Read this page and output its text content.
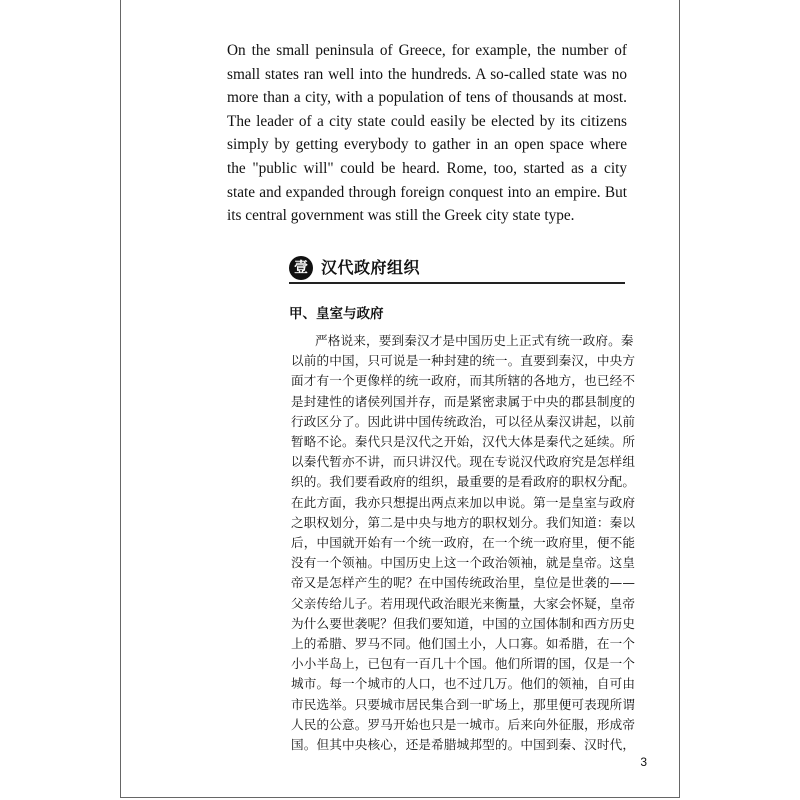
On the small peninsula of Greece, for example, the number of small states ran well into the hundreds. A so-called state was no more than a city, with a population of tens of thousands at most. The leader of a city state could easily be elected by its citizens simply by getting everybody to gather in an open space where the "public will" could be heard. Rome, too, started as a city state and expanded through foreign conquest into an empire. But its central government was still the Greek city state type.

壹 汉代政府组织
甲、皇室与政府
严格说来，要到秦汉才是中国历史上正式有统一政府。秦
以前的中国，只可说是一种封建的统一。直要到秦汉，中央方
面才有一个更像样的统一政府，而其所辖的各地方，也已经不
是封建性的诸侯列国并存，而是紧密隶属于中央的郡县制度的
行政区分了。因此讲中国传统政治，可以径从秦汉讲起，以前
暂略不论。秦代只是汉代之开始，汉代大体是秦代之延续。所
以秦代暂亦不讲，而只讲汉代。现在专说汉代政府究是怎样组
织的。我们要看政府的组织，最重要的是看政府的职权分配。
在此方面，我亦只想提出两点来加以申说。第一是皇室与政府
之职权划分，第二是中央与地方的职权划分。我们知道：秦以
后，中国就开始有一个统一政府，在一个统一政府里，便不能
没有一个领袖。中国历史上这一个政治领袖，就是皇帝。这皇
帝又是怎样产生的呢？在中国传统政治里，皇位是世袭的——
父亲传给儿子。若用现代政治眼光来衡量，大家会怀疑，皇帝
为什么要世袭呢？但我们要知道，中国的立国体制和西方历史
上的希腊、罗马不同。他们国土小，人口寡。如希腊，在一个
小小半岛上，已包有一百几十个国。他们所谓的国，仅是一个
城市。每一个城市的人口，也不过几万。他们的领袖，自可由
市民选举。只要城市居民集合到一旷场上，那里便可表现所谓
人民的公意。罗马开始也只是一城市。后来向外征服，形成帝
国。但其中央核心，还是希腊城邦型的。中国到秦、汉时代，
3
